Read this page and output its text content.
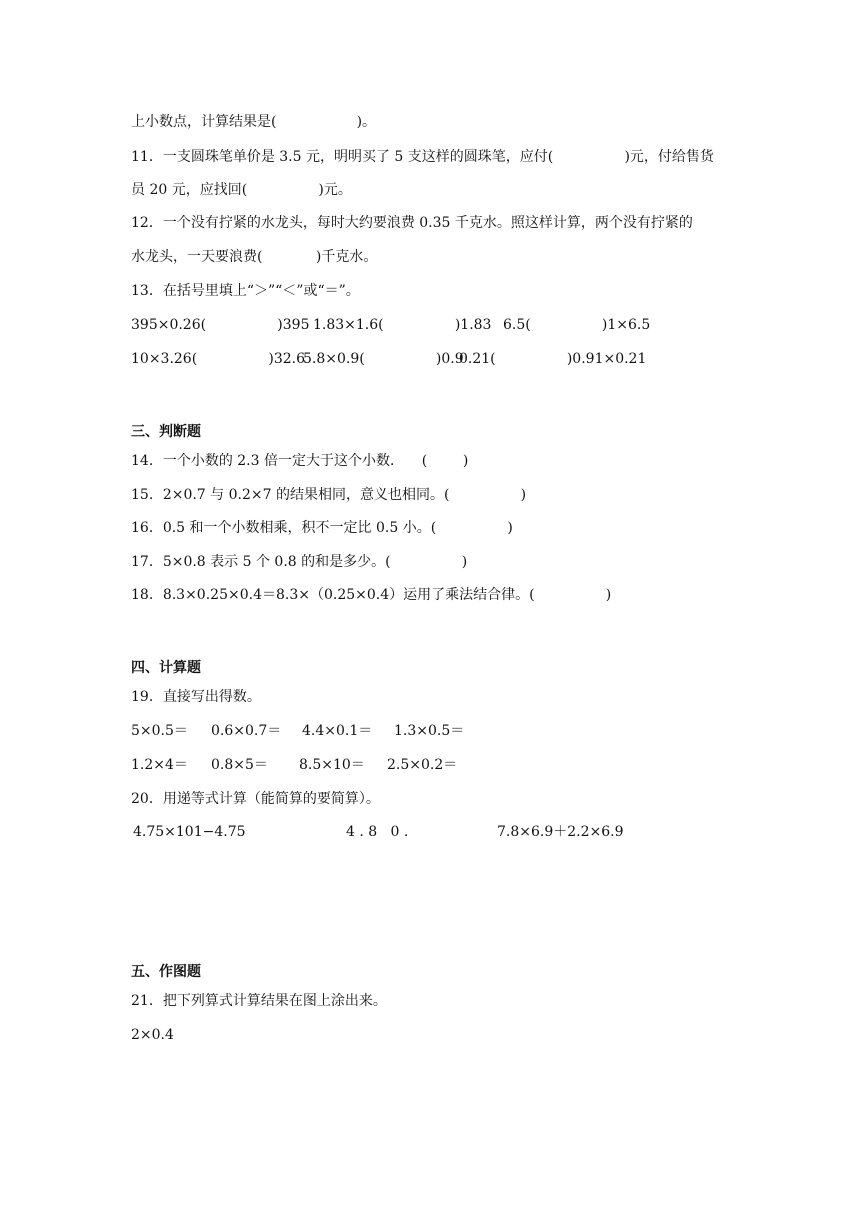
上小数点，计算结果是(                  )。
11．一支圆珠笔单价是 3.5 元，明明买了 5 支这样的圆珠笔，应付(                )元，付给售货
员 20 元，应找回(                )元。
12．一个没有拧紧的水龙头，每时大约要浪费 0.35 千克水。照这样计算，两个没有拧紧的
水龙头，一天要浪费(            )千克水。
13．在括号里填上“＞”“＜”或“＝”。
395×0.26(                )395 1.83×1.6(                )1.83 6.5(                )1×6.5
10×3.26(                )32.6
5.8×0.9(                )0.9
0.21(                )0.91×0.21
三、判断题
14．一个小数的 2.3 倍一定大于这个小数．    (        )
15．2×0.7 与 0.2×7 的结果相同，意义也相同。(                )
16．0.5 和一个小数相乘，积不一定比 0.5 小。(                )
17．5×0.8 表示 5 个 0.8 的和是多少。(                )
18．8.3×0.25×0.4＝8.3×（0.25×0.4）运用了乘法结合律。(                )
四、计算题
19．直接写出得数。
5×0.5＝ 0.6×0.7＝ 4.4×0.1＝ 1.3×0.5＝
1.2×4＝ 0.8×5＝ 8.5×10＝ 2.5×0.2＝
20．用递等式计算（能简算的要简算）。
4.75×101−4.75	4 . 8   0 .	7.8×6.9＋2.2×6.9
五、作图题
21．把下列算式计算结果在图上涂出来。
2×0.4
